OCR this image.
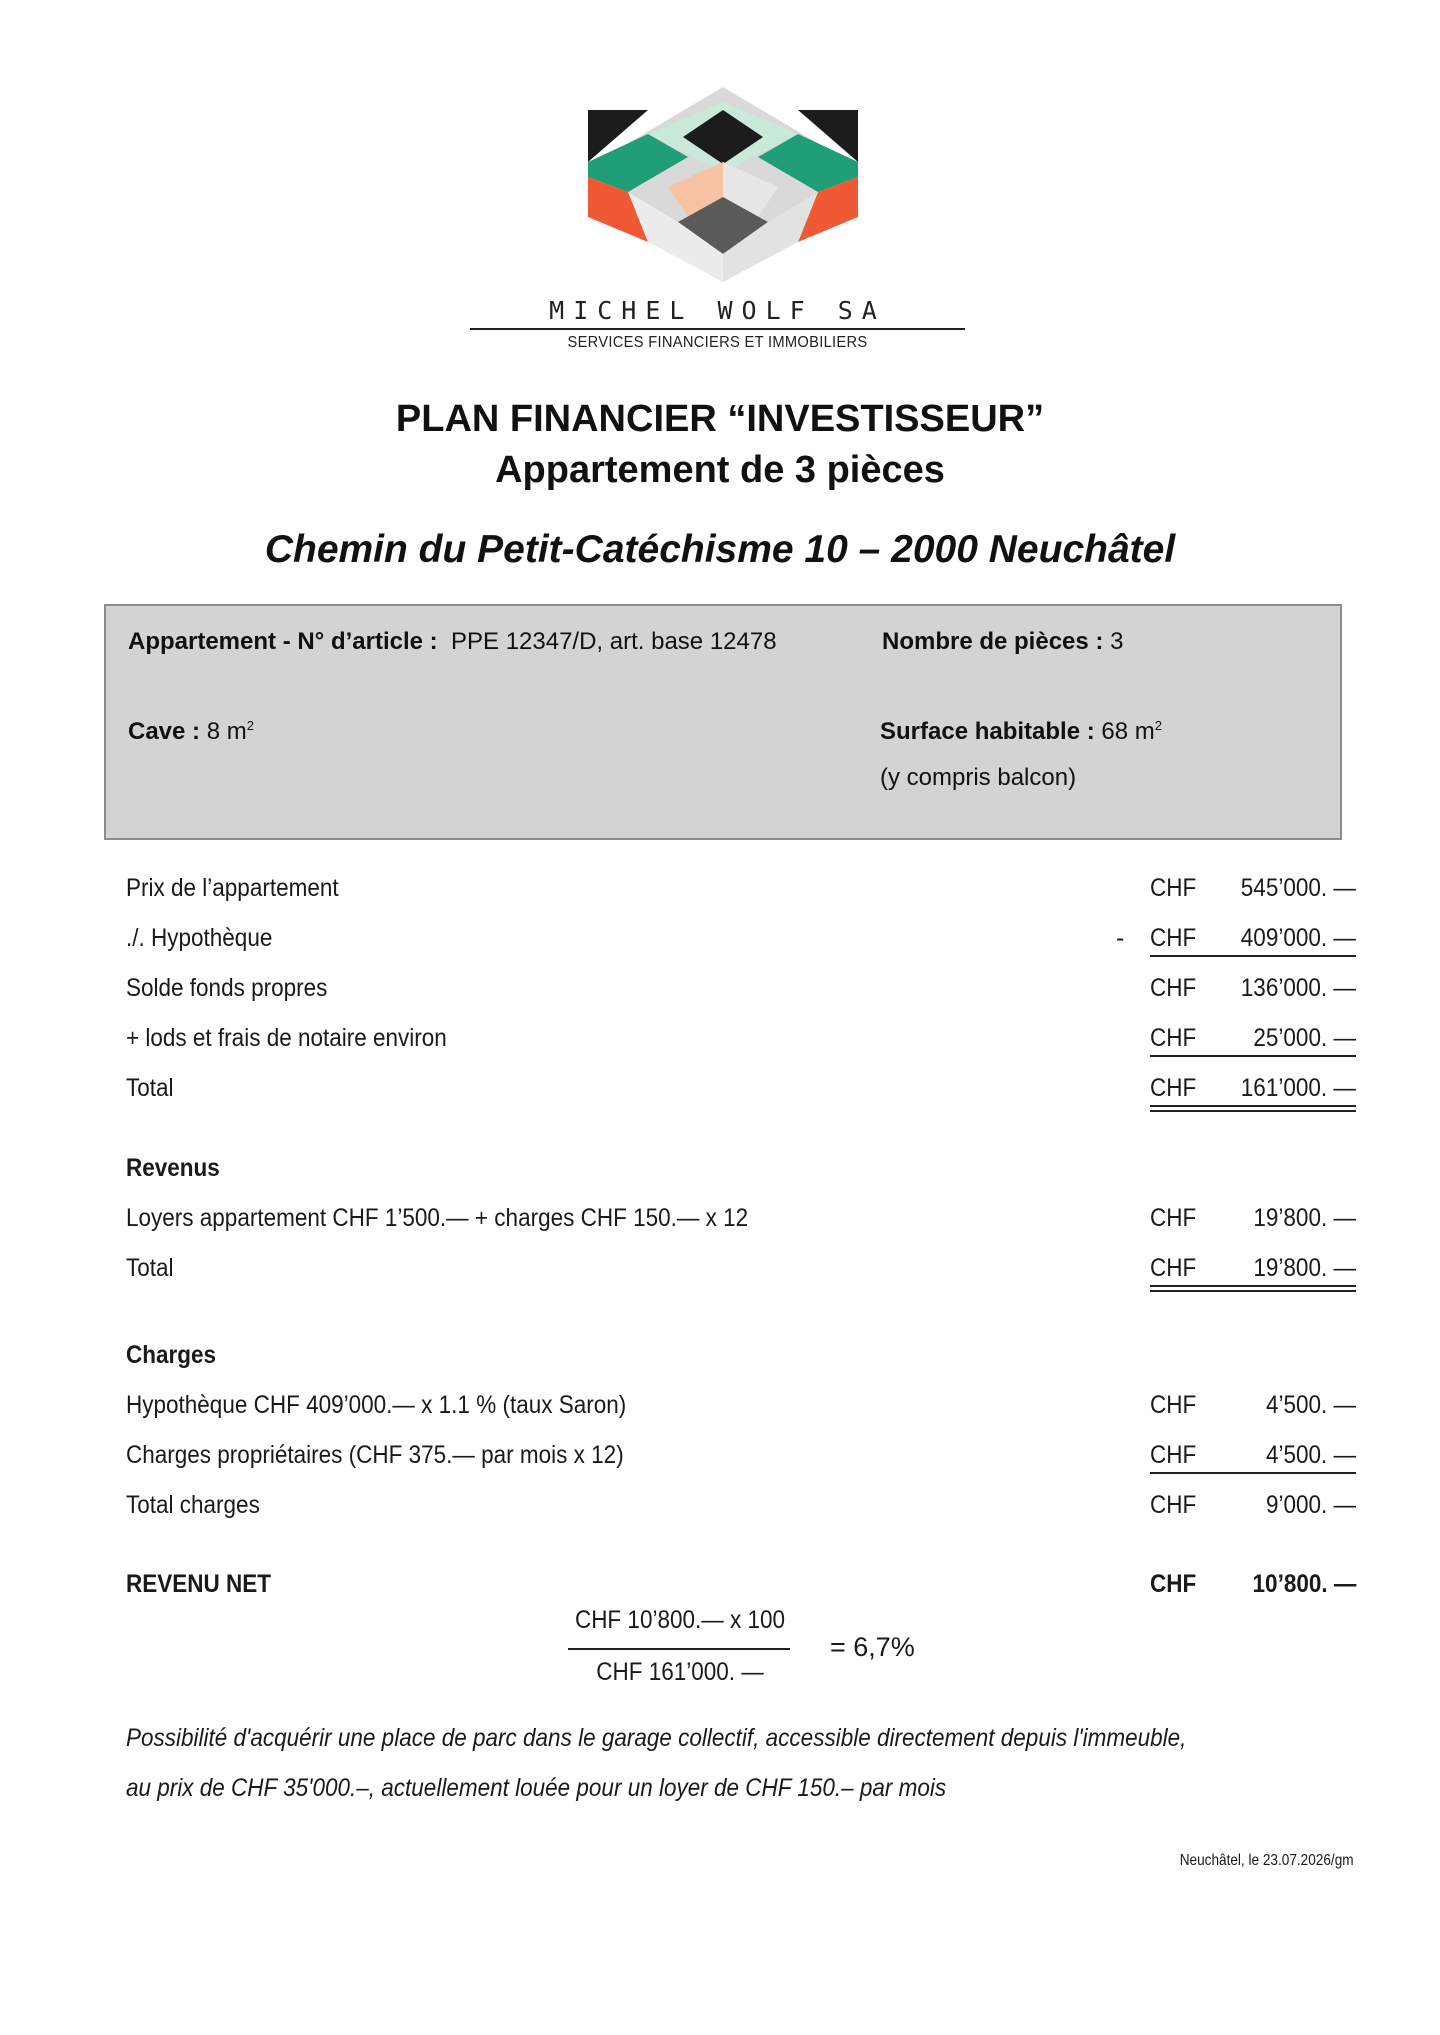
MICHEL WOLF SA
SERVICES FINANCIERS ET IMMOBILIERS
PLAN FINANCIER “INVESTISSEUR”
Appartement de 3 pièces
Chemin du Petit-Catéchisme 10 – 2000 Neuchâtel
Appartement - N° d’article : PPE 12347/D, art. base 12478	Nombre de pièces : 3
Cave : 8 $m^2$	Surface habitable : 68 $m^2$
(y compris balcon)
Prix de l’appartement	CHF 545’000. —
./. Hypothèque	- CHF 409’000. —
Solde fonds propres	CHF 136’000. —
+ lods et frais de notaire environ	CHF 25’000. —
Total	CHF 161’000. —
Revenus
Loyers appartement CHF 1’500.— + charges CHF 150.— x 12	CHF 19’800. —
Total	CHF 19’800. —
Charges
Hypothèque CHF 409’000.— x 1.1 % (taux Saron)	CHF	4’500. —
Charges propriétaires (CHF 375.— par mois x 12)	CHF	4’500. —
Total charges	CHF	9’000. —
REVENU NET	CHF 10’800. —
CHF 10’800.— x 100
CHF 161’000. —
= 6,7%
Possibilité d'acquérir une place de parc dans le garage collectif, accessible directement depuis l'immeuble,
au prix de CHF 35'000.–, actuellement louée pour un loyer de CHF 150.– par mois
Neuchâtel, le 23.07.2026/gm
